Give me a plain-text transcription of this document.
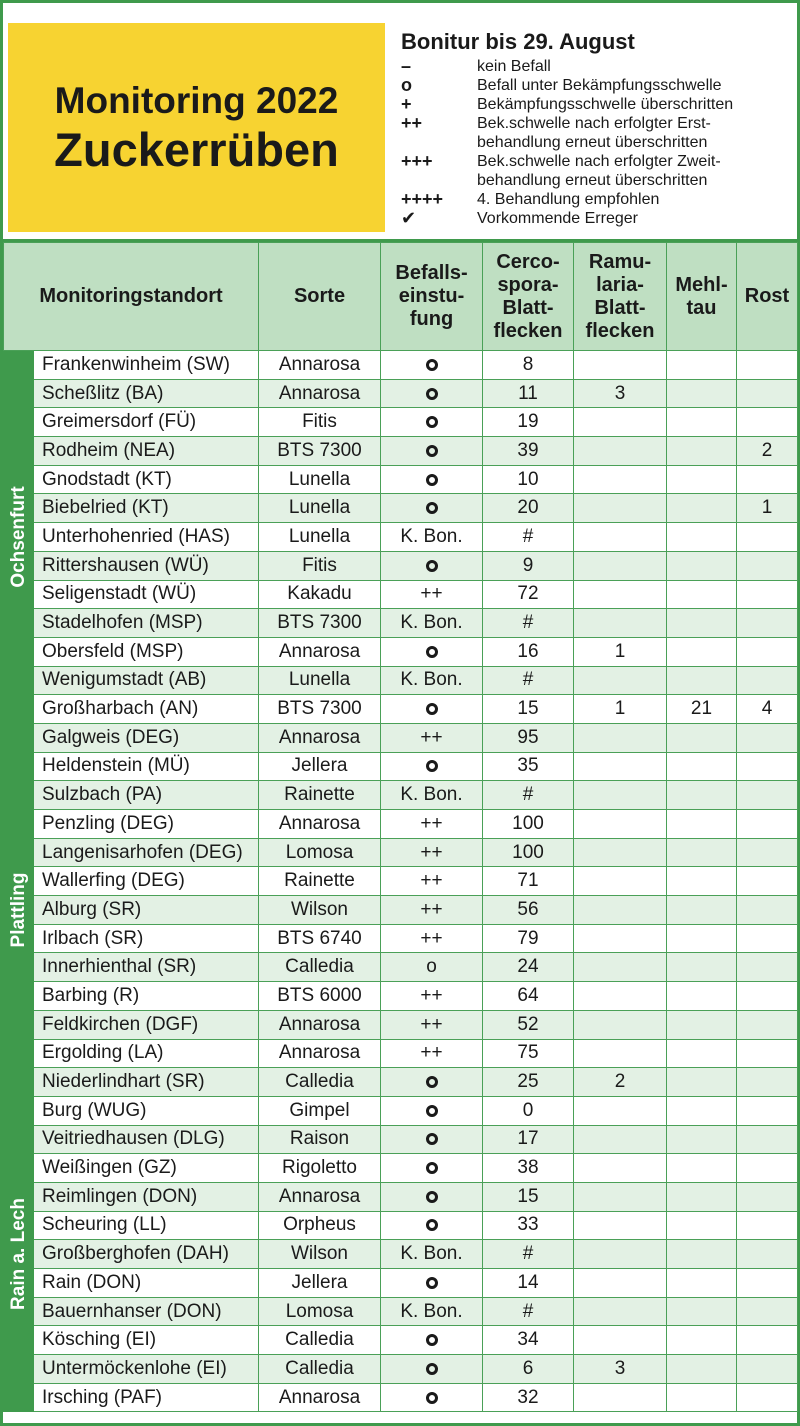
Monitoring 2022
Zuckerrüben
Bonitur bis 29. August
–	kein Befall
o	Befall unter Bekämpfungsschwelle
+	Bekämpfungsschwelle überschritten
++	Bek.schwelle nach erfolgter Erst-
behandlung erneut überschritten
+++	Bek.schwelle nach erfolgter Zweit-
behandlung erneut überschritten
++++	4. Behandlung empfohlen
✔	Vorkommende Erreger
Monitoringstandort		Sorte	Befalls-
einstu-
fung	Cerco-
spora-
Blatt-
flecken	Ramu-
laria-
Blatt-
flecken	Mehl-
tau	Rost

Ochsenfurt	Frankenwinheim (SW)	Annarosa		8			
	Scheßlitz (BA)	Annarosa		11	3		
	Greimersdorf (FÜ)	Fitis		19			
	Rodheim (NEA)	BTS 7300		39			2
	Gnodstadt (KT)	Lunella		10			
	Biebelried (KT)	Lunella		20			1
	Unterhohenried (HAS)	Lunella	K. Bon.	#			
	Rittershausen (WÜ)	Fitis		9			
	Seligenstadt (WÜ)	Kakadu	++	72			
	Stadelhofen (MSP)	BTS 7300	K. Bon.	#			
	Obersfeld (MSP)	Annarosa		16	1		
	Wenigumstadt (AB)	Lunella	K. Bon.	#			
	Großharbach (AN)	BTS 7300		15	1	21	4

Plattling	Galgweis (DEG)	Annarosa	++	95			
	Heldenstein (MÜ)	Jellera		35			
	Sulzbach (PA)	Rainette	K. Bon.	#			
	Penzling (DEG)	Annarosa	++	100			
	Langenisarhofen (DEG)	Lomosa	++	100			
	Wallerfing (DEG)	Rainette	++	71			
	Alburg (SR)	Wilson	++	56			
	Irlbach (SR)	BTS 6740	++	79			
	Innerhienthal (SR)	Calledia	o	24			
	Barbing (R)	BTS 6000	++	64			
	Feldkirchen (DGF)	Annarosa	++	52			
	Ergolding (LA)	Annarosa	++	75			
	Niederlindhart (SR)	Calledia		25	2		

Rain a. Lech	Burg (WUG)	Gimpel		0			
	Veitriedhausen (DLG)	Raison		17			
	Weißingen (GZ)	Rigoletto		38			
	Reimlingen (DON)	Annarosa		15			
	Scheuring (LL)	Orpheus		33			
	Großberghofen (DAH)	Wilson	K. Bon.	#			
	Rain (DON)	Jellera		14			
	Bauernhanser (DON)	Lomosa	K. Bon.	#			
	Kösching (EI)	Calledia		34			
	Untermöckenlohe (EI)	Calledia		6	3		
	Irsching (PAF)	Annarosa		32			
